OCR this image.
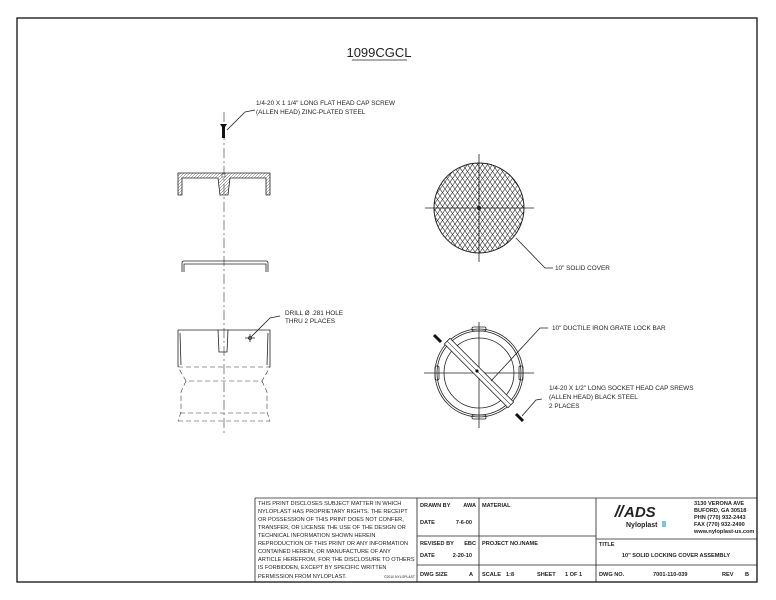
1099CGCL
1/4-20 X 1 1/4" LONG FLAT HEAD CAP SCREW
(ALLEN HEAD) ZINC-PLATED STEEL
DRILL Ø .281 HOLE
THRU 2 PLACES
10" SOLID COVER
10" DUCTILE IRON GRATE LOCK BAR
1/4-20 X 1/2" LONG SOCKET HEAD CAP SREWS
(ALLEN HEAD) BLACK STEEL
2 PLACES
THIS PRINT DISCLOSES SUBJECT MATTER IN WHICH
NYLOPLAST HAS PROPRIETARY RIGHTS. THE RECEIPT
OR POSSESSION OF THIS PRINT DOES NOT CONFER,
TRANSFER, OR LICENSE THE USE OF THE DESIGN OR
TECHNICAL INFORMATION SHOWN HEREIN
REPRODUCTION OF THIS PRINT OR ANY INFORMATION
CONTAINED HEREIN, OR MANUFACTURE OF ANY
ARTICLE HEREFROM, FOR THE DISCLOSURE TO OTHERS
IS FORBIDDEN, EXCEPT BY SPECIFIC WRITTEN
PERMISSION FROM NYLOPLAST.	©2010 NYLOPLAST
DRAWN BY AWA
DATE	7-6-00
REVISED BY EBC
DATE	2-20-10
DWG SIZE	A
MATERIAL
PROJECT NO./NAME
SCALE 1:8	SHEET 1 OF 1
ADS
Nyloplast
3130 VERONA AVE
BUFORD, GA 30518
PHN (770) 932-2443
FAX (770) 932-2490
www.nyloplast-us.com
TITLE
10" SOLID LOCKING COVER ASSEMBLY
DWG NO.	7001-110-039	REV B
